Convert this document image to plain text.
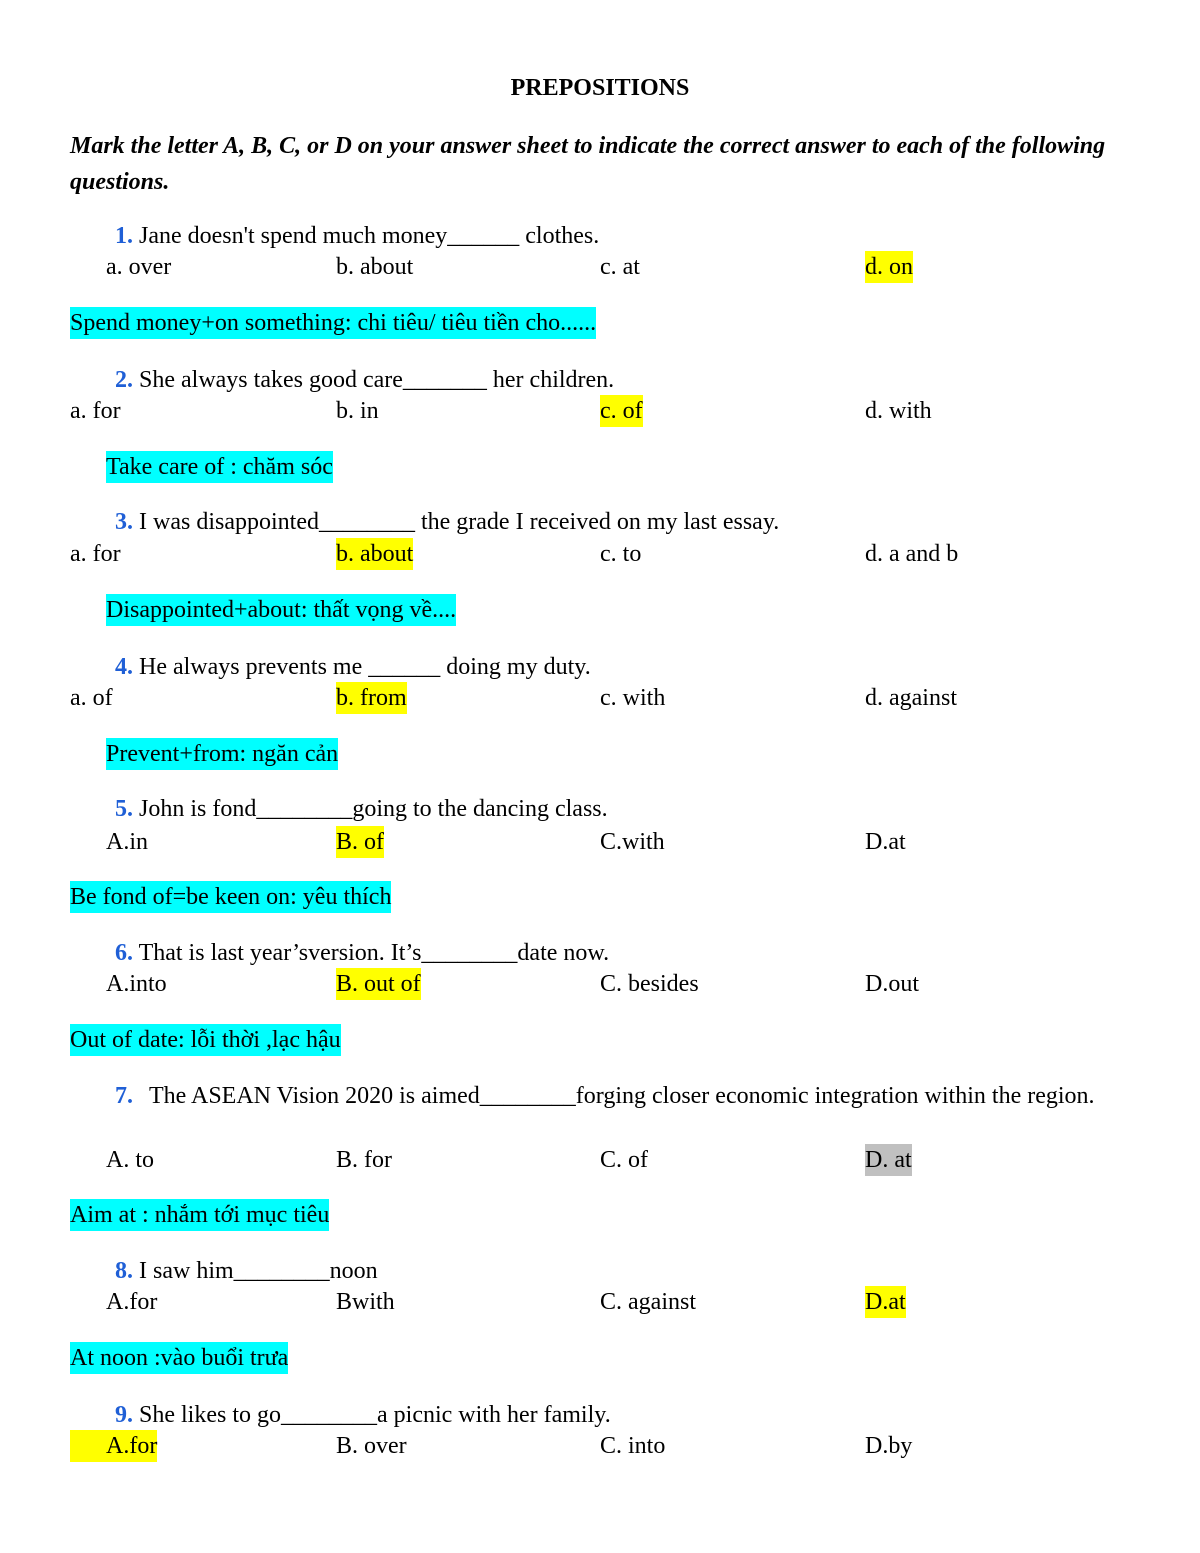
PREPOSITIONS
Mark the letter A, B, C, or D on your answer sheet to indicate the correct answer to each of the following questions.
1. Jane doesn't spend much money______ clothes.
a. over	b. about	c. at	d. on
Spend money+on something: chi tiêu/ tiêu tiền cho......
2. She always takes good care_______ her children.
a. for	b. in	c. of	d. with
Take care of : chăm sóc
3. I was disappointed________ the grade I received on my last essay.
a. for	b. about	c. to	d. a and b
Disappointed+about: thất vọng về....
4. He always prevents me ______ doing my duty.
a. of	b. from	c. with	d. against
Prevent+from: ngăn cản
5. John is fond________going to the dancing class.
A.in	B. of	C.with	D.at
Be fond of=be keen on: yêu thích
6. That is last year’sversion. It’s________date now.
A.into	B. out of	C. besides	D.out
Out of date: lỗi thời ,lạc hậu
7. The ASEAN Vision 2020 is aimed________forging closer economic integration within the region.
A. to	B. for	C. of	D. at
Aim at : nhắm tới mục tiêu
8. I saw him________noon
A.for	Bwith	C. against	D.at
At noon :vào buổi trưa
9. She likes to go________a picnic with her family.
A.for	B. over	C. into	D.by
